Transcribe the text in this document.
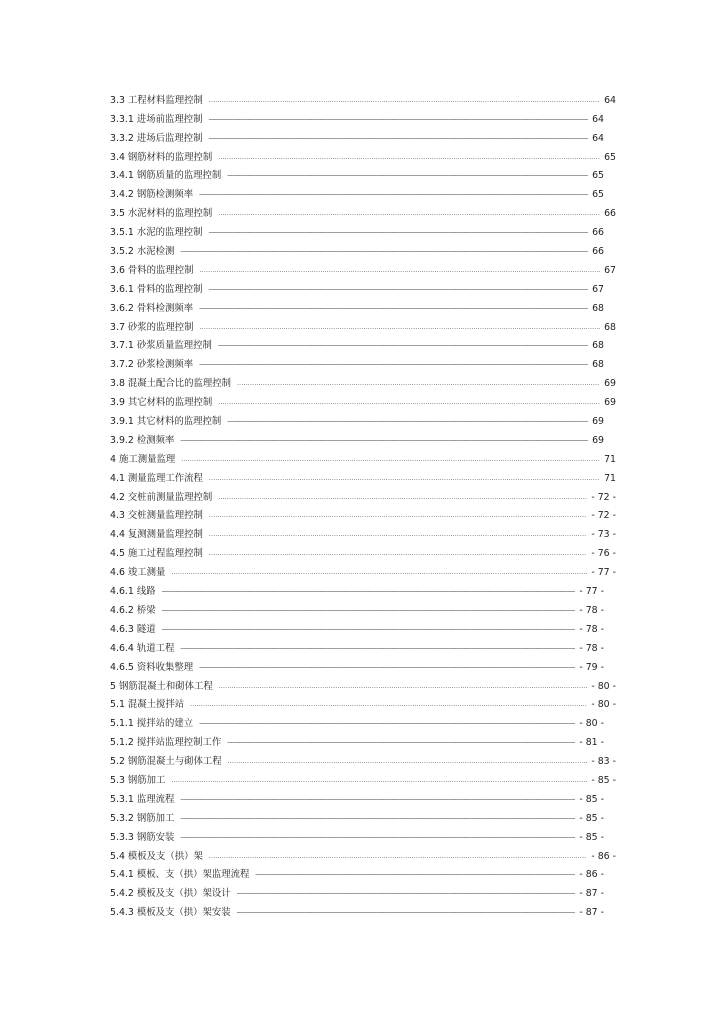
3.3 工程材料监理控制 .....	64
3.3.1 进场前监理控制 -----	64
3.3.2 进场后监理控制 -----	64
3.4 钢筋材料的监理控制 .....	65
3.4.1 钢筋质量的监理控制 -----	65
3.4.2 钢筋检测频率 -----	65
3.5 水泥材料的监理控制 .....	66
3.5.1 水泥的监理控制 -----	66
3.5.2 水泥检测 -----	66
3.6 骨料的监理控制 .....	67
3.6.1 骨料的监理控制 -----	67
3.6.2 骨料检测频率 -----	68
3.7 砂浆的监理控制 .....	68
3.7.1 砂浆质量监理控制 -----	68
3.7.2 砂浆检测频率 -----	68
3.8 混凝土配合比的监理控制 .....	69
3.9 其它材料的监理控制 .....	69
3.9.1 其它材料的监理控制 -----	69
3.9.2 检测频率 -----	69
4 施工测量监理 .....	71
4.1 测量监理工作流程 .....	71
4.2 交桩前测量监理控制 .....	- 72 -
4.3 交桩测量监理控制 .....	- 72 -
4.4 复测测量监理控制 .....	- 73 -
4.5 施工过程监理控制 .....	- 76 -
4.6 竣工测量 .....	- 77 -
4.6.1 线路 -----	- 77 -
4.6.2 桥梁 -----	- 78 -
4.6.3 隧道 -----	- 78 -
4.6.4 轨道工程 -----	- 78 -
4.6.5 资料收集整理 -----	- 79 -
5 钢筋混凝土和砌体工程 .....	- 80 -
5.1 混凝土搅拌站 .....	- 80 -
5.1.1 搅拌站的建立 -----	- 80 -
5.1.2 搅拌站监理控制工作 -----	- 81 -
5.2 钢筋混凝土与砌体工程 .....	- 83 -
5.3 钢筋加工 .....	- 85 -
5.3.1 监理流程 -----	- 85 -
5.3.2 钢筋加工 -----	- 85 -
5.3.3 钢筋安装 -----	- 85 -
5.4 模板及支（拱）架 .....	- 86 -
5.4.1 模板、支（拱）架监理流程 -----	- 86 -
5.4.2 模板及支（拱）架设计 -----	- 87 -
5.4.3 模板及支（拱）架安装 -----	- 87 -
